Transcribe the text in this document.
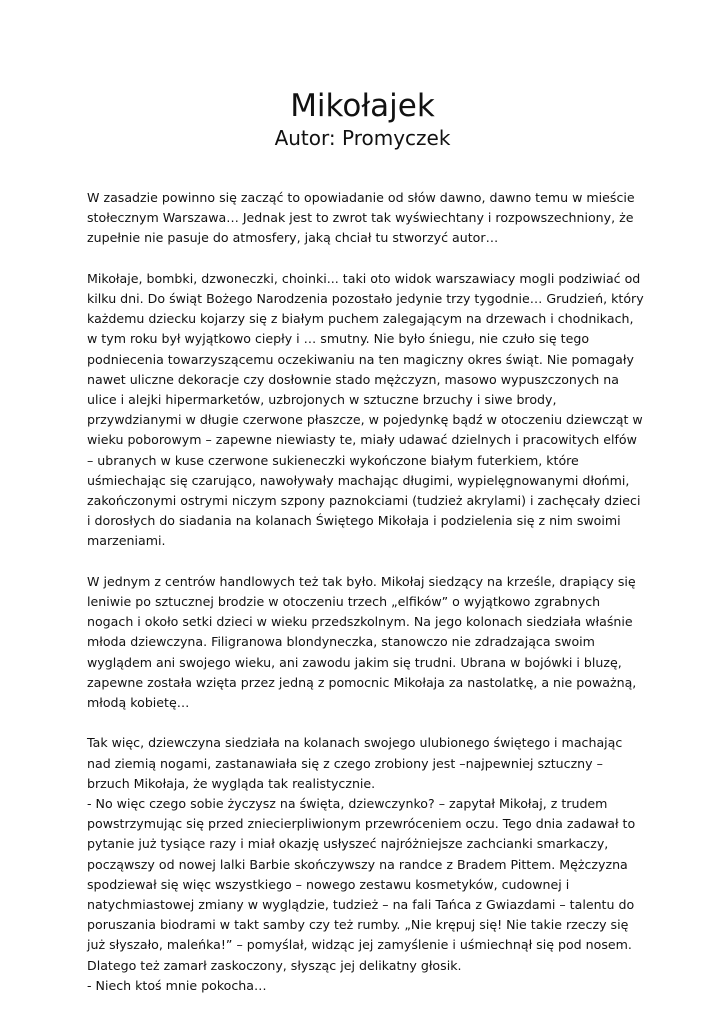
Mikołajek
Autor: Promyczek

W zasadzie powinno się zacząć to opowiadanie od słów dawno, dawno temu w mieście stołecznym Warszawa… Jednak jest to zwrot tak wyświechtany i rozpowszechniony, że zupełnie nie pasuje do atmosfery, jaką chciał tu stworzyć autor…

Mikołaje, bombki, dzwoneczki, choinki... taki oto widok warszawiacy mogli podziwiać od kilku dni. Do świąt Bożego Narodzenia pozostało jedynie trzy tygodnie… Grudzień, który każdemu dziecku kojarzy się z białym puchem zalegającym na drzewach i chodnikach, w tym roku był wyjątkowo ciepły i … smutny. Nie było śniegu, nie czuło się tego podniecenia towarzyszącemu oczekiwaniu na ten magiczny okres świąt. Nie pomagały nawet uliczne dekoracje czy dosłownie stado mężczyzn, masowo wypuszczonych na ulice i alejki hipermarketów, uzbrojonych w sztuczne brzuchy i siwe brody, przywdzianymi w długie czerwone płaszcze, w pojedynkę bądź w otoczeniu dziewcząt w wieku poborowym – zapewne niewiasty te, miały udawać dzielnych i pracowitych elfów – ubranych w kuse czerwone sukieneczki wykończone białym futerkiem, które uśmiechając się czarująco, nawoływały machając długimi, wypielęgnowanymi dłońmi, zakończonymi ostrymi niczym szpony paznokciami (tudzież akrylami) i zachęcały dzieci i dorosłych do siadania na kolanach Świętego Mikołaja i podzielenia się z nim swoimi marzeniami.

W jednym z centrów handlowych też tak było. Mikołaj siedzący na krześle, drapiący się leniwie po sztucznej brodzie w otoczeniu trzech „elfików” o wyjątkowo zgrabnych nogach i około setki dzieci w wieku przedszkolnym. Na jego kolonach siedziała właśnie młoda dziewczyna. Filigranowa blondyneczka, stanowczo nie zdradzająca swoim wyglądem ani swojego wieku, ani zawodu jakim się trudni. Ubrana w bojówki i bluzę, zapewne została wzięta przez jedną z pomocnic Mikołaja za nastolatkę, a nie poważną, młodą kobietę…

Tak więc, dziewczyna siedziała na kolanach swojego ulubionego świętego i machając nad ziemią nogami, zastanawiała się z czego zrobiony jest –najpewniej sztuczny – brzuch Mikołaja, że wygląda tak realistycznie.

- No więc czego sobie życzysz na święta, dziewczynko? – zapytał Mikołaj, z trudem powstrzymując się przed zniecierpliwionym przewróceniem oczu. Tego dnia zadawał to pytanie już tysiące razy i miał okazję usłyszeć najróżniejsze zachcianki smarkaczy, począwszy od nowej lalki Barbie skończywszy na randce z Bradem Pittem. Mężczyzna spodziewał się więc wszystkiego – nowego zestawu kosmetyków, cudownej i natychmiastowej zmiany w wyglądzie, tudzież – na fali Tańca z Gwiazdami – talentu do poruszania biodrami w takt samby czy też rumby. „Nie krępuj się! Nie takie rzeczy się już słyszało, maleńka!” – pomyślał, widząc jej zamyślenie i uśmiechnął się pod nosem. Dlatego też zamarł zaskoczony, słysząc jej delikatny głosik.

- Niech ktoś mnie pokocha…
